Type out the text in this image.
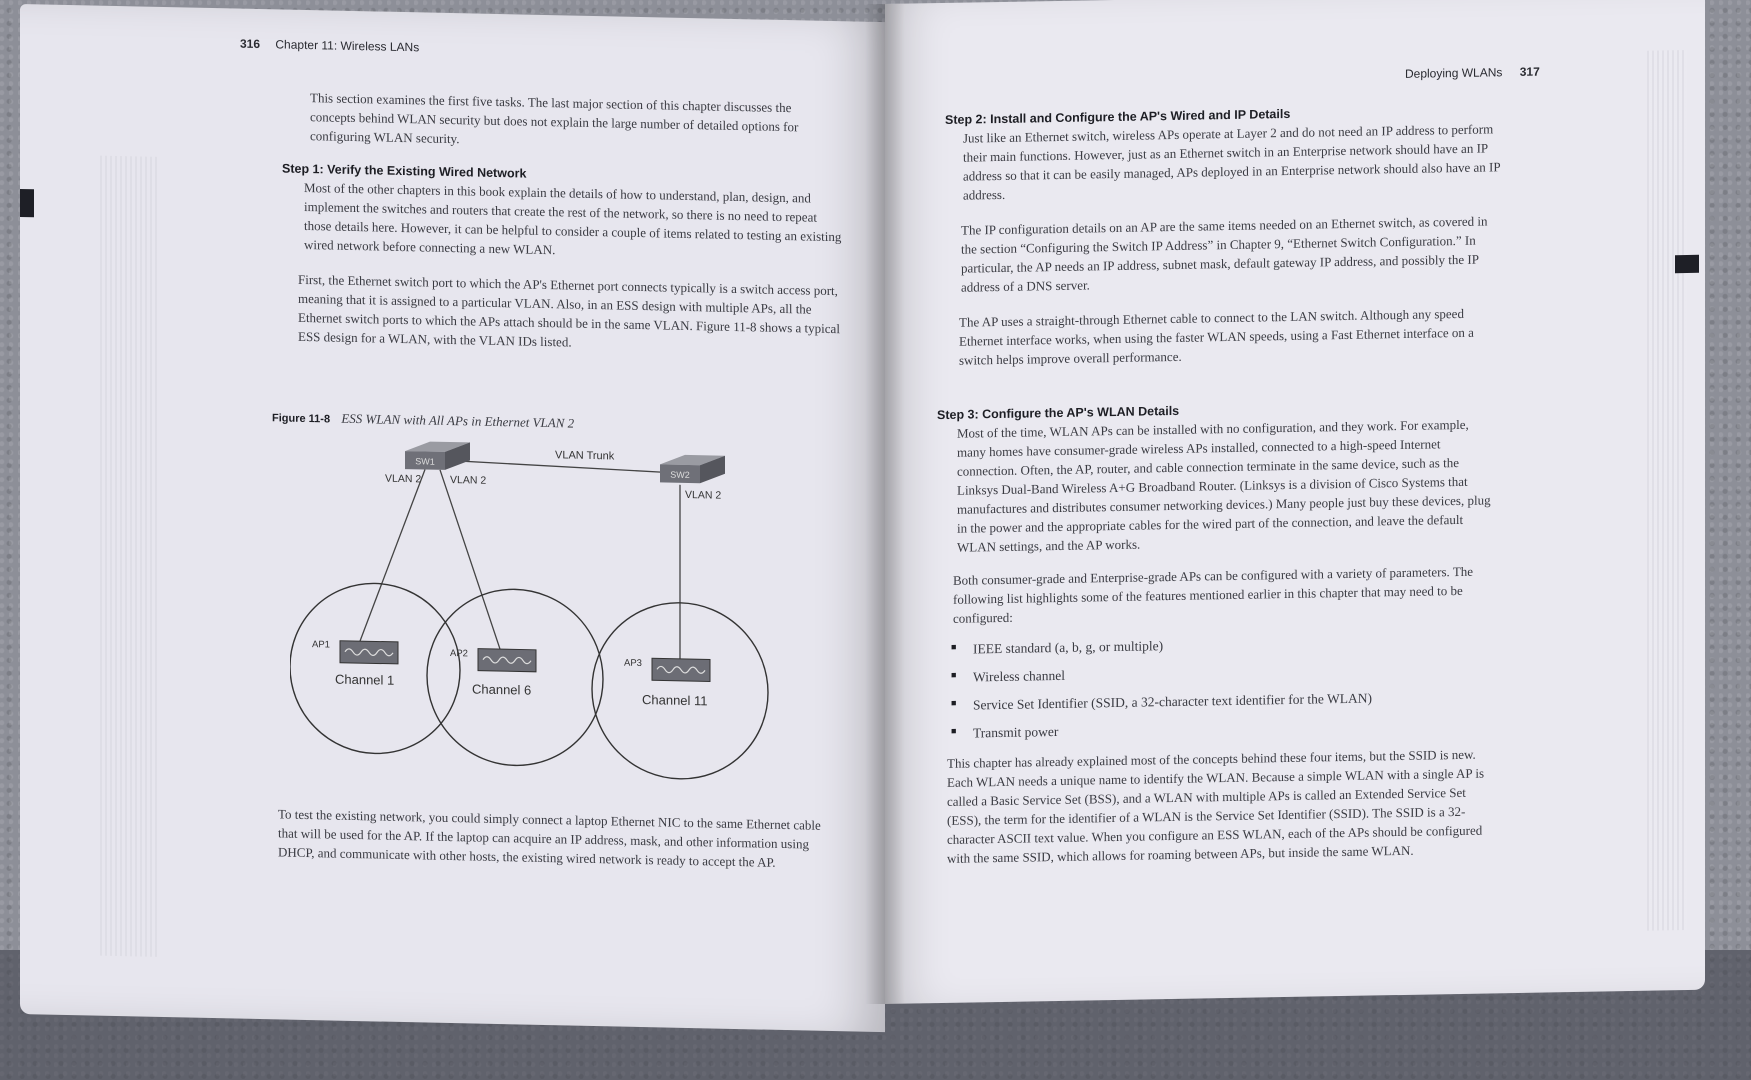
316 Chapter 11: Wireless LANs

This section examines the first five tasks. The last major section of this chapter discusses the concepts behind WLAN security but does not explain the large number of detailed options for configuring WLAN security.

Step 1: Verify the Existing Wired Network

Most of the other chapters in this book explain the details of how to understand, plan, design, and implement the switches and routers that create the rest of the network, so there is no need to repeat those details here. However, it can be helpful to consider a couple of items related to testing an existing wired network before connecting a new WLAN.

First, the Ethernet switch port to which the AP's Ethernet port connects typically is a switch access port, meaning that it is assigned to a particular VLAN. Also, in an ESS design with multiple APs, all the Ethernet switch ports to which the APs attach should be in the same VLAN. Figure 11-8 shows a typical ESS design for a WLAN, with the VLAN IDs listed.

Figure 11-8 ESS WLAN with All APs in Ethernet VLAN 2
SW1
SW2
VLAN Trunk
VLAN 2	VLAN 2
VLAN 2
AP1
Channel 1
AP2
Channel 6
AP3
Channel 11

To test the existing network, you could simply connect a laptop Ethernet NIC to the same Ethernet cable that will be used for the AP. If the laptop can acquire an IP address, mask, and other information using DHCP, and communicate with other hosts, the existing wired network is ready to accept the AP.

Deploying WLANs 317

Step 2: Install and Configure the AP's Wired and IP Details

Just like an Ethernet switch, wireless APs operate at Layer 2 and do not need an IP address to perform their main functions. However, just as an Ethernet switch in an Enterprise network should have an IP address so that it can be easily managed, APs deployed in an Enterprise network should also have an IP address.

The IP configuration details on an AP are the same items needed on an Ethernet switch, as covered in the section “Configuring the Switch IP Address” in Chapter 9, “Ethernet Switch Configuration.” In particular, the AP needs an IP address, subnet mask, default gateway IP address, and possibly the IP address of a DNS server.

The AP uses a straight-through Ethernet cable to connect to the LAN switch. Although any speed Ethernet interface works, when using the faster WLAN speeds, using a Fast Ethernet interface on a switch helps improve overall performance.

Step 3: Configure the AP's WLAN Details

Most of the time, WLAN APs can be installed with no configuration, and they work. For example, many homes have consumer-grade wireless APs installed, connected to a high-speed Internet connection. Often, the AP, router, and cable connection terminate in the same device, such as the Linksys Dual-Band Wireless A+G Broadband Router. (Linksys is a division of Cisco Systems that manufactures and distributes consumer networking devices.) Many people just buy these devices, plug in the power and the appropriate cables for the wired part of the connection, and leave the default WLAN settings, and the AP works.

Both consumer-grade and Enterprise-grade APs can be configured with a variety of parameters. The following list highlights some of the features mentioned earlier in this chapter that may need to be configured:

■ IEEE standard (a, b, g, or multiple)
■ Wireless channel
■ Service Set Identifier (SSID, a 32-character text identifier for the WLAN)
■ Transmit power

This chapter has already explained most of the concepts behind these four items, but the SSID is new. Each WLAN needs a unique name to identify the WLAN. Because a simple WLAN with a single AP is called a Basic Service Set (BSS), and a WLAN with multiple APs is called an Extended Service Set (ESS), the term for the identifier of a WLAN is the Service Set Identifier (SSID). The SSID is a 32-character ASCII text value. When you configure an ESS WLAN, each of the APs should be configured with the same SSID, which allows for roaming between APs, but inside the same WLAN.
